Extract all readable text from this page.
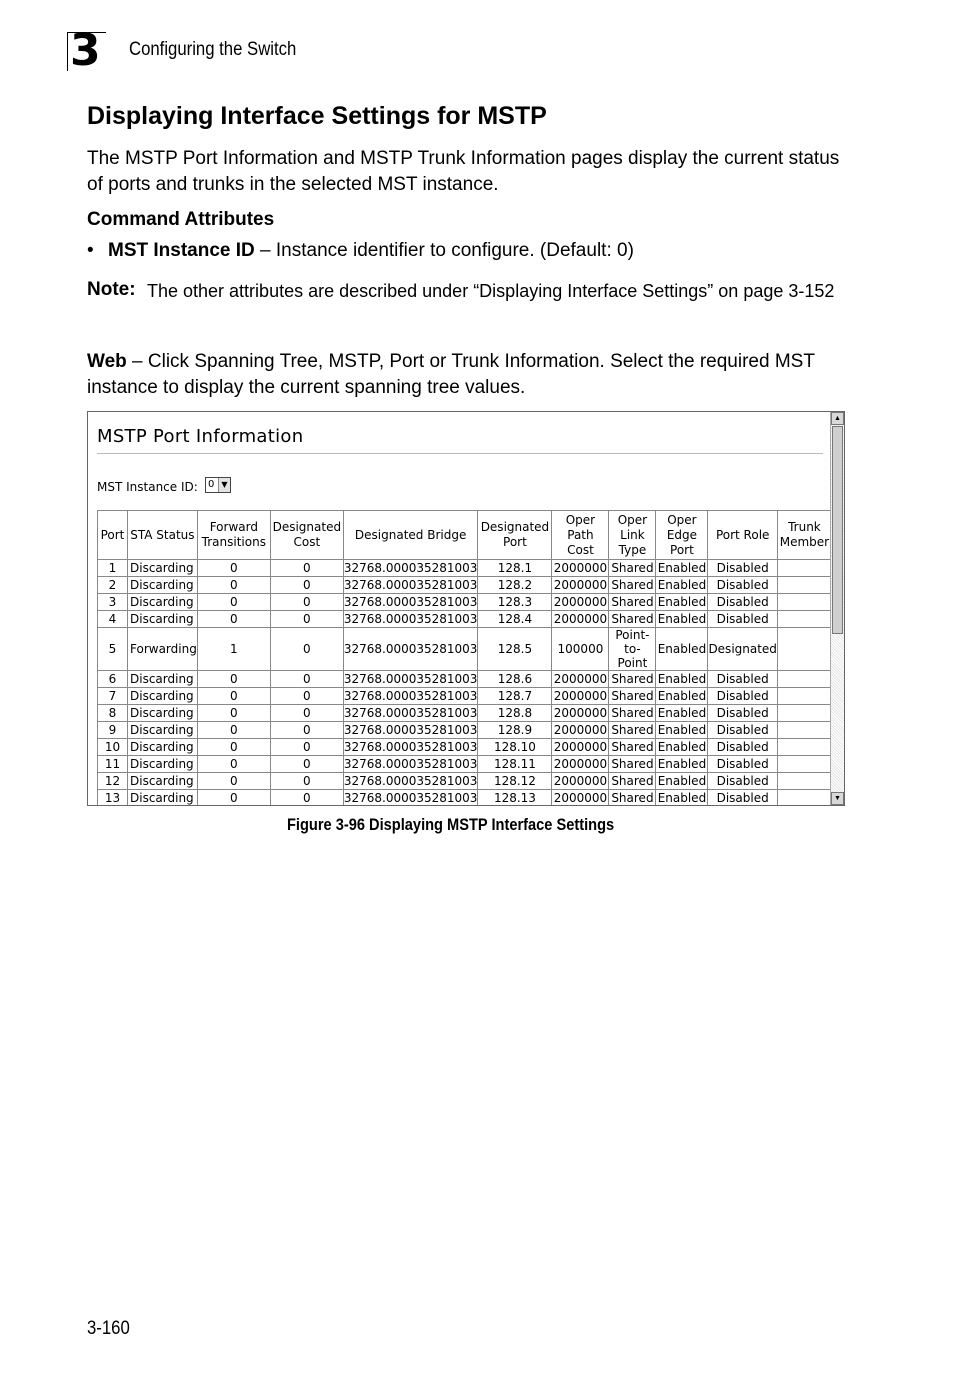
3 Configuring the Switch
Displaying Interface Settings for MSTP
The MSTP Port Information and MSTP Trunk Information pages display the current status of ports and trunks in the selected MST instance.
Command Attributes
• MST Instance ID – Instance identifier to configure. (Default: 0)
Note: The other attributes are described under “Displaying Interface Settings” on page 3-152
Web – Click Spanning Tree, MSTP, Port or Trunk Information. Select the required MST instance to display the current spanning tree values.
MSTP Port Information
MST Instance ID: 0 ▼
Port	STA Status	Forward Transitions	Designated Cost	Designated Bridge	Designated Port	Oper Path Cost	Oper Link Type	Oper Edge Port	Port Role	Trunk Member
1	Discarding	0	0	32768.000035281003	128.1	2000000	Shared	Enabled	Disabled	
2	Discarding	0	0	32768.000035281003	128.2	2000000	Shared	Enabled	Disabled	
3	Discarding	0	0	32768.000035281003	128.3	2000000	Shared	Enabled	Disabled	
4	Discarding	0	0	32768.000035281003	128.4	2000000	Shared	Enabled	Disabled	
5	Forwarding	1	0	32768.000035281003	128.5	100000	Point-to-Point	Enabled	Designated	
6	Discarding	0	0	32768.000035281003	128.6	2000000	Shared	Enabled	Disabled	
7	Discarding	0	0	32768.000035281003	128.7	2000000	Shared	Enabled	Disabled	
8	Discarding	0	0	32768.000035281003	128.8	2000000	Shared	Enabled	Disabled	
9	Discarding	0	0	32768.000035281003	128.9	2000000	Shared	Enabled	Disabled	
10	Discarding	0	0	32768.000035281003	128.10	2000000	Shared	Enabled	Disabled	
11	Discarding	0	0	32768.000035281003	128.11	2000000	Shared	Enabled	Disabled	
12	Discarding	0	0	32768.000035281003	128.12	2000000	Shared	Enabled	Disabled	
13	Discarding	0	0	32768.000035281003	128.13	2000000	Shared	Enabled	Disabled	
▲
▼
Figure 3-96 Displaying MSTP Interface Settings
3-160
